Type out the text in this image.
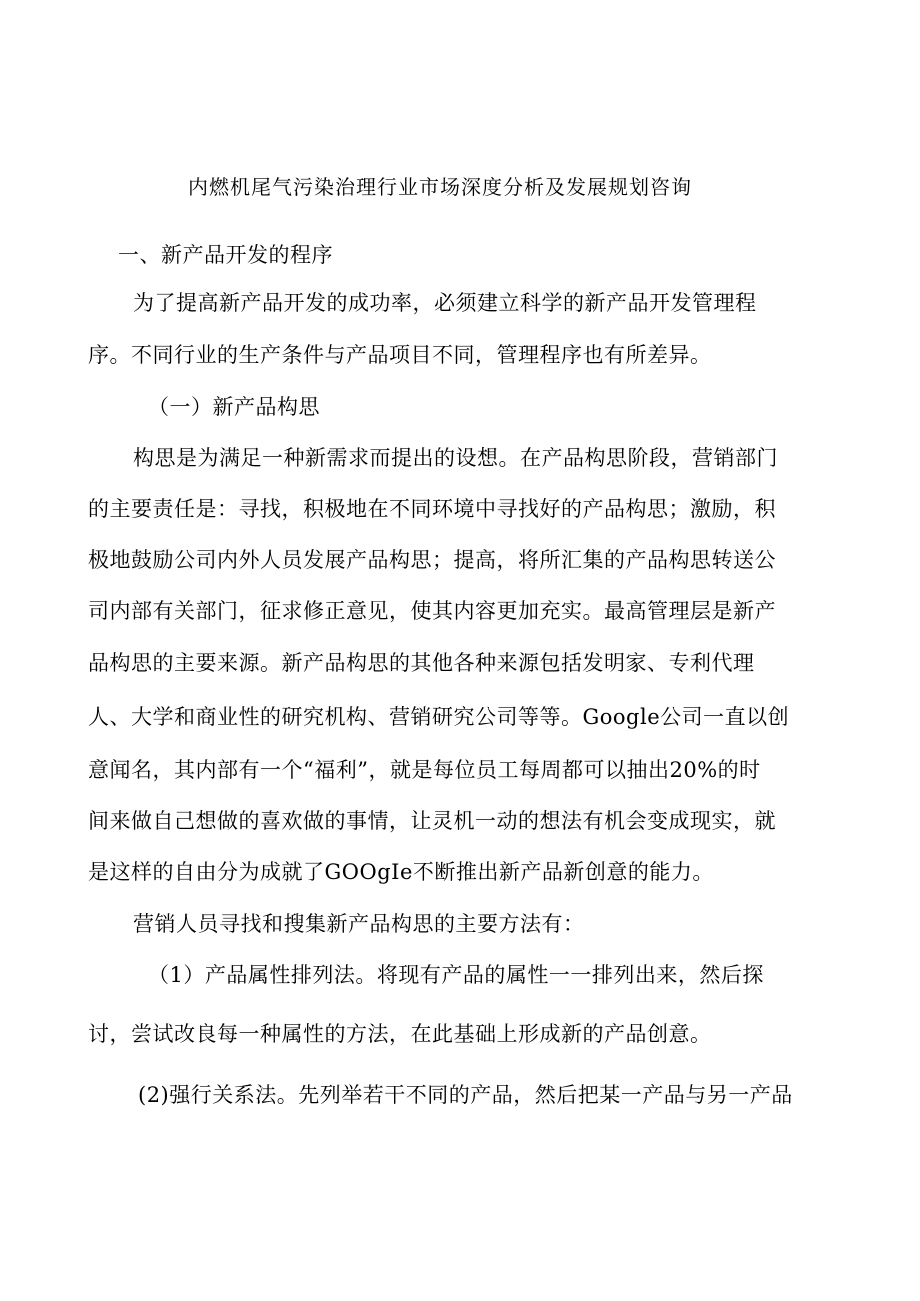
内燃机尾气污染治理行业市场深度分析及发展规划咨询
一、新产品开发的程序
为了提高新产品开发的成功率，必须建立科学的新产品开发管理程
序。不同行业的生产条件与产品项目不同，管理程序也有所差异。
（一）新产品构思
构思是为满足一种新需求而提出的设想。在产品构思阶段，营销部门
的主要责任是：寻找，积极地在不同环境中寻找好的产品构思；激励，积
极地鼓励公司内外人员发展产品构思；提高，将所汇集的产品构思转送公
司内部有关部门，征求修正意见，使其内容更加充实。最高管理层是新产
品构思的主要来源。新产品构思的其他各种来源包括发明家、专利代理
人、大学和商业性的研究机构、营销研究公司等等。Google公司一直以创
意闻名，其内部有一个“福利”，就是每位员工每周都可以抽出20%的时
间来做自己想做的喜欢做的事情，让灵机一动的想法有机会变成现实，就
是这样的自由分为成就了GOOgIe不断推出新产品新创意的能力。
营销人员寻找和搜集新产品构思的主要方法有：
（1）产品属性排列法。将现有产品的属性一一排列出来，然后探
讨，尝试改良每一种属性的方法，在此基础上形成新的产品创意。
(2)强行关系法。先列举若干不同的产品，然后把某一产品与另一产品
